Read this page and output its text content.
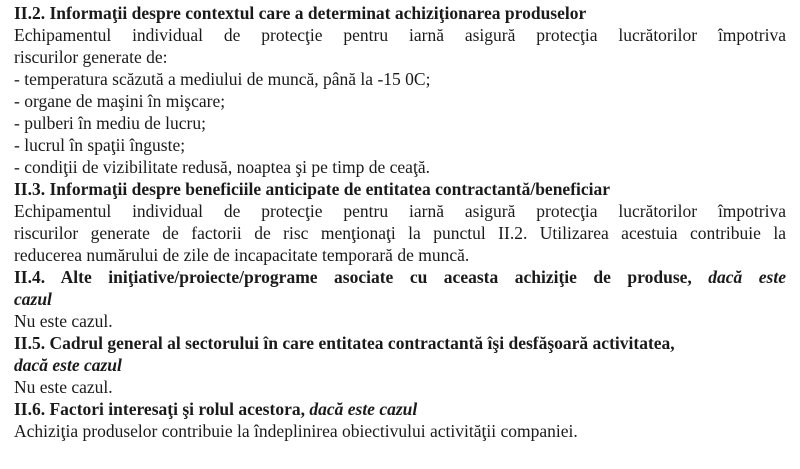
II.2. Informaţii despre contextul care a determinat achiziţionarea produselor

Echipamentul individual de protecţie pentru iarnă asigură protecţia lucrătorilor împotriva

riscurilor generate de:

- temperatura scăzută a mediului de muncă, până la -15 0C;

- organe de maşini în mişcare;

- pulberi în mediu de lucru;

- lucrul în spaţii înguste;

- condiţii de vizibilitate redusă, noaptea şi pe timp de ceaţă.

II.3. Informaţii despre beneficiile anticipate de entitatea contractantă/beneficiar

Echipamentul individual de protecţie pentru iarnă asigură protecţia lucrătorilor împotriva

riscurilor generate de factorii de risc menţionaţi la punctul II.2. Utilizarea acestuia contribuie la

reducerea numărului de zile de incapacitate temporară de muncă.

II.4. Alte iniţiative/proiecte/programe asociate cu aceasta achiziţie de produse, dacă este

cazul

Nu este cazul.

II.5. Cadrul general al sectorului în care entitatea contractantă îşi desfăşoară activitatea,

dacă este cazul

Nu este cazul.

II.6. Factori interesaţi şi rolul acestora, dacă este cazul

Achiziţia produselor contribuie la îndeplinirea obiectivului activităţii companiei.
